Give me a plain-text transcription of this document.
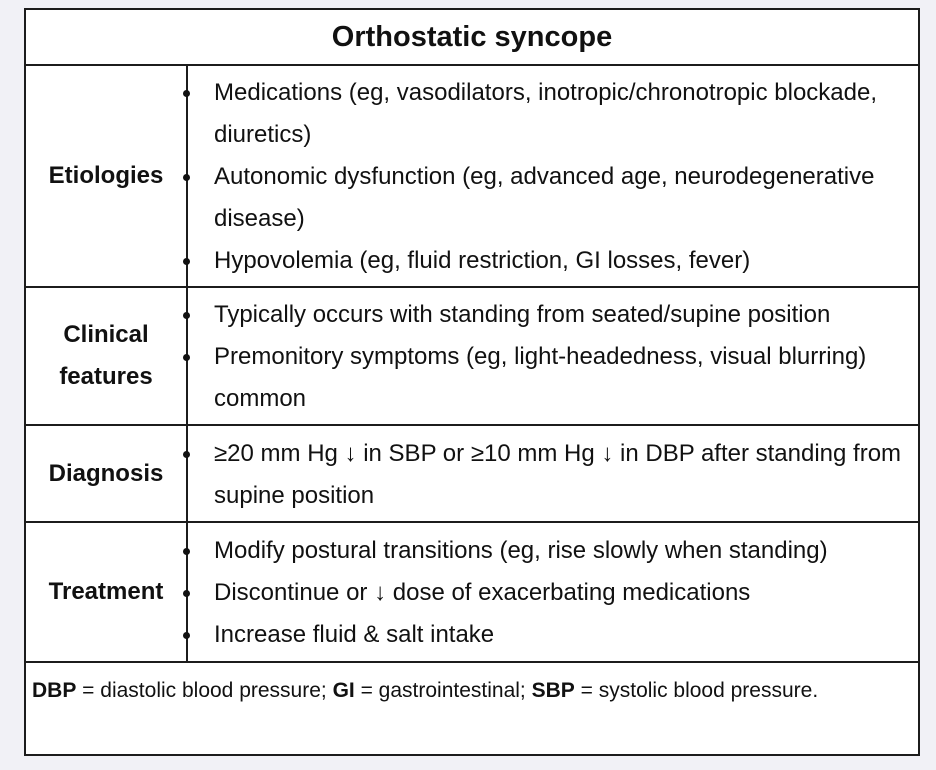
Orthostatic syncope
Etiologies
Medications (eg, vasodilators, inotropic/chronotropic blockade, diuretics)
Autonomic dysfunction (eg, advanced age, neurodegenerative disease)
Hypovolemia (eg, fluid restriction, GI losses, fever)
Clinical
features
Typically occurs with standing from seated/supine position
Premonitory symptoms (eg, light-headedness, visual blurring) common
Diagnosis
≥20 mm Hg ↓ in SBP or ≥10 mm Hg ↓ in DBP after standing from supine position
Treatment
Modify postural transitions (eg, rise slowly when standing)
Discontinue or ↓ dose of exacerbating medications
Increase fluid & salt intake
DBP = diastolic blood pressure; GI = gastrointestinal; SBP = systolic blood pressure.
